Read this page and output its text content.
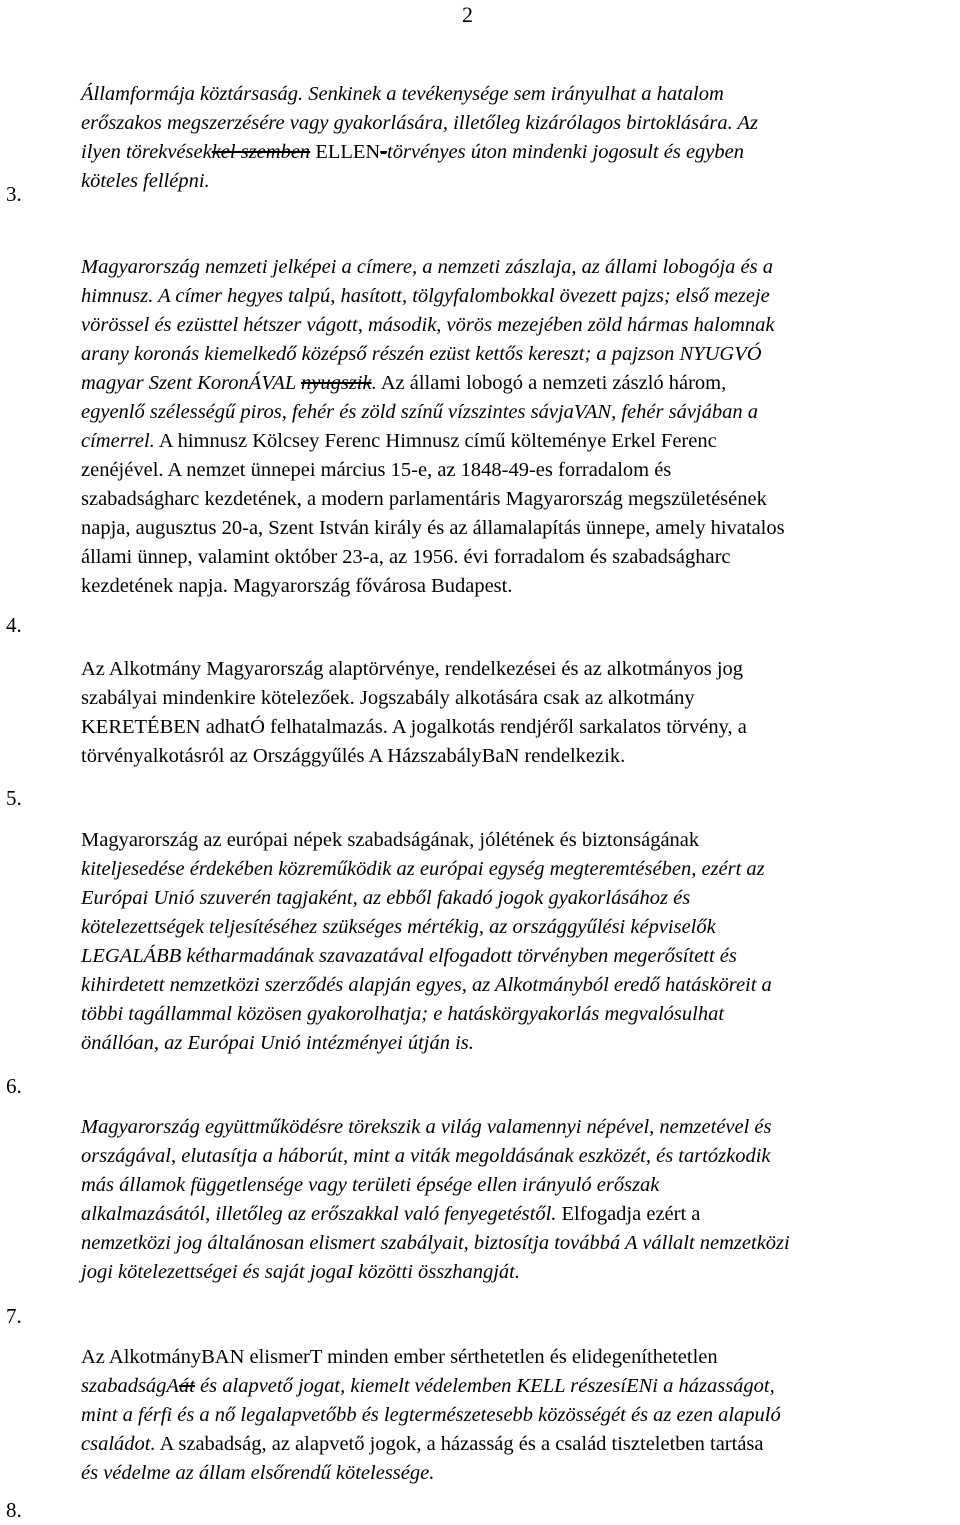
2
3.
4.
5.
6.
7.
8.
Államformája köztársaság. Senkinek a tevékenysége sem irányulhat a hatalom
erőszakos megszerzésére vagy gyakorlására, illetőleg kizárólagos birtoklására. Az
ilyen törekvésekkel szemben ELLEN-törvényes úton mindenki jogosult és egyben
köteles fellépni.
Magyarország nemzeti jelképei a címere, a nemzeti zászlaja, az állami lobogója és a
himnusz. A címer hegyes talpú, hasított, tölgyfalombokkal övezett pajzs; első mezeje
vörössel és ezüsttel hétszer vágott, második, vörös mezejében zöld hármas halomnak
arany koronás kiemelkedő középső részén ezüst kettős kereszt; a pajzson NYUGVÓ
magyar Szent KoronÁVAL nyugszik. Az állami lobogó a nemzeti zászló három,
egyenlő szélességű piros, fehér és zöld színű vízszintes sávjaVAN, fehér sávjában a
címerrel. A himnusz Kölcsey Ferenc Himnusz című költeménye Erkel Ferenc
zenéjével. A nemzet ünnepei március 15-e, az 1848-49-es forradalom és
szabadságharc kezdetének, a modern parlamentáris Magyarország megszületésének
napja, augusztus 20-a, Szent István király és az államalapítás ünnepe, amely hivatalos
állami ünnep, valamint október 23-a, az 1956. évi forradalom és szabadságharc
kezdetének napja. Magyarország fővárosa Budapest.
Az Alkotmány Magyarország alaptörvénye, rendelkezései és az alkotmányos jog
szabályai mindenkire kötelezőek. Jogszabály alkotására csak az alkotmány
KERETÉBEN adhatÓ felhatalmazás. A jogalkotás rendjéről sarkalatos törvény, a
törvényalkotásról az Országgyűlés A HázszabályBaN rendelkezik.
Magyarország az európai népek szabadságának, jólétének és biztonságának
kiteljesedése érdekében közreműködik az európai egység megteremtésében, ezért az
Európai Unió szuverén tagjaként, az ebből fakadó jogok gyakorlásához és
kötelezettségek teljesítéséhez szükséges mértékig, az országgyűlési képviselők
LEGALÁBB kétharmadának szavazatával elfogadott törvényben megerősített és
kihirdetett nemzetközi szerződés alapján egyes, az Alkotmányból eredő hatásköreit a
többi tagállammal közösen gyakorolhatja; e hatáskörgyakorlás megvalósulhat
önállóan, az Európai Unió intézményei útján is.
Magyarország együttműködésre törekszik a világ valamennyi népével, nemzetével és
országával, elutasítja a háborút, mint a viták megoldásának eszközét, és tartózkodik
más államok függetlensége vagy területi épsége ellen irányuló erőszak
alkalmazásától, illetőleg az erőszakkal való fenyegetéstől. Elfogadja ezért a
nemzetközi jog általánosan elismert szabályait, biztosítja továbbá A vállalt nemzetközi
jogi kötelezettségei és saját jogaI közötti összhangját.
Az AlkotmányBAN elismerT minden ember sérthetetlen és elidegeníthetetlen
szabadságAát és alapvető jogat, kiemelt védelemben KELL részesíENi a házasságot,
mint a férfi és a nő legalapvetőbb és legtermészetesebb közösségét és az ezen alapuló
családot. A szabadság, az alapvető jogok, a házasság és a család tiszteletben tartása
és védelme az állam elsőrendű kötelessége.
